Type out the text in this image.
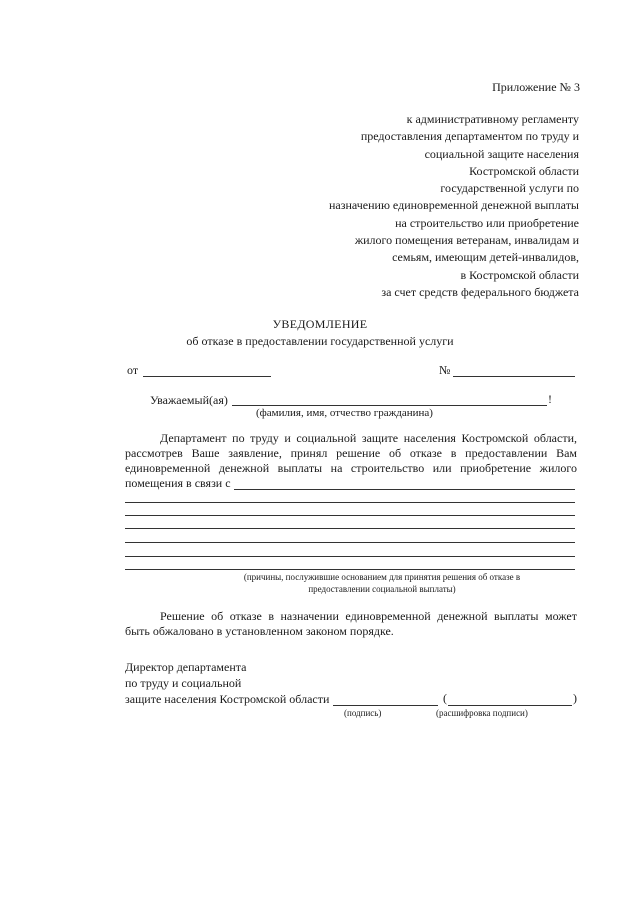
Приложение № 3
к административному регламенту
предоставления департаментом по труду и
социальной защите населения
Костромской области
государственной услуги по
назначению единовременной денежной выплаты
на строительство или приобретение
жилого помещения ветеранам, инвалидам и
семьям, имеющим детей-инвалидов,
в Костромской области
за счет средств федерального бюджета
УВЕДОМЛЕНИЕ
об отказе в предоставлении государственной услуги
от	№
Уважаемый(ая)	!
(фамилия, имя, отчество гражданина)
Департамент по труду и социальной защите населения Костромской области,
рассмотрев Ваше заявление, принял решение об отказе в предоставлении Вам
единовременной денежной выплаты на строительство или приобретение жилого
помещения в связи с
(причины, послужившие основанием для принятия решения об отказе в
предоставлении социальной выплаты)
Решение об отказе в назначении единовременной денежной выплаты может
быть обжаловано в установленном законом порядке.
Директор департамента
по труду и социальной
защите населения Костромской области	(	)
(подпись)	(расшифровка подписи)
